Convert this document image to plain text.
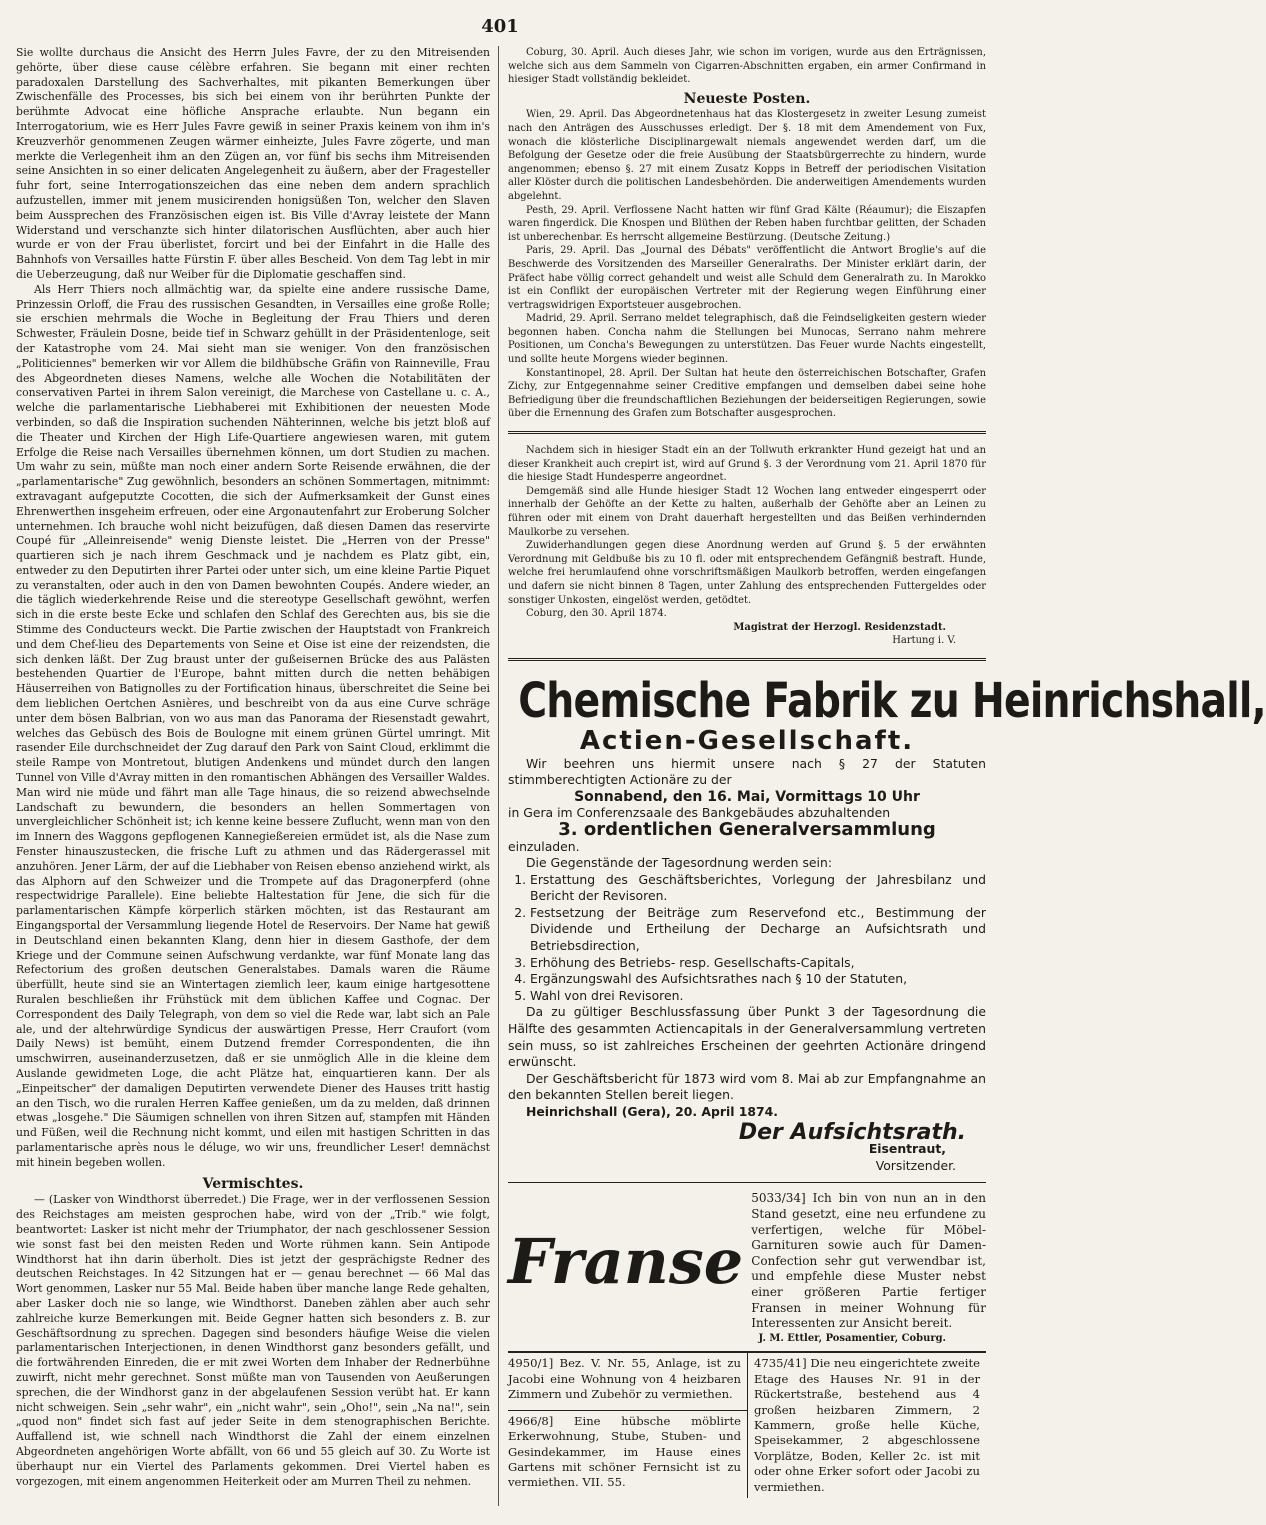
401

Sie wollte durchaus die Ansicht des Herrn Jules Favre, der zu den Mitreisenden gehörte, über diese cause célèbre erfahren. Sie begann mit einer rechten paradoxalen Darstellung des Sachverhaltes, mit pikanten Bemerkungen über Zwischenfälle des Processes, bis sich bei einem von ihr berührten Punkte der berühmte Advocat eine höfliche Ansprache erlaubte. Nun begann ein Interrogatorium, wie es Herr Jules Favre gewiß in seiner Praxis keinem von ihm in's Kreuzverhör genommenen Zeugen wärmer einheizte, Jules Favre zögerte, und man merkte die Verlegenheit ihm an den Zügen an, vor fünf bis sechs ihm Mitreisenden seine Ansichten in so einer delicaten Angelegenheit zu äußern, aber der Fragesteller fuhr fort, seine Interrogationszeichen das eine neben dem andern sprachlich aufzustellen, immer mit jenem musicirenden honigsüßen Ton, welcher den Slaven beim Aussprechen des Französischen eigen ist. Bis Ville d'Avray leistete der Mann Widerstand und verschanzte sich hinter dilatorischen Ausflüchten, aber auch hier wurde er von der Frau überlistet, forcirt und bei der Einfahrt in die Halle des Bahnhofs von Versailles hatte Fürstin F. über alles Bescheid. Von dem Tag lebt in mir die Ueberzeugung, daß nur Weiber für die Diplomatie geschaffen sind.

Als Herr Thiers noch allmächtig war, da spielte eine andere russische Dame, Prinzessin Orloff, die Frau des russischen Gesandten, in Versailles eine große Rolle; sie erschien mehrmals die Woche in Begleitung der Frau Thiers und deren Schwester, Fräulein Dosne, beide tief in Schwarz gehüllt in der Präsidentenloge, seit der Katastrophe vom 24. Mai sieht man sie weniger. Von den französischen „Politiciennes" bemerken wir vor Allem die bildhübsche Gräfin von Rainneville, Frau des Abgeordneten dieses Namens, welche alle Wochen die Notabilitäten der conservativen Partei in ihrem Salon vereinigt, die Marchese von Castellane u. c. A., welche die parlamentarische Liebhaberei mit Exhibitionen der neuesten Mode verbinden, so daß die Inspiration suchenden Nähterinnen, welche bis jetzt bloß auf die Theater und Kirchen der High Life-Quartiere angewiesen waren, mit gutem Erfolge die Reise nach Versailles übernehmen können, um dort Studien zu machen. Um wahr zu sein, müßte man noch einer andern Sorte Reisende erwähnen, die der „parlamentarische" Zug gewöhnlich, besonders an schönen Sommertagen, mitnimmt: extravagant aufgeputzte Cocotten, die sich der Aufmerksamkeit der Gunst eines Ehrenwerthen insgeheim erfreuen, oder eine Argonautenfahrt zur Eroberung Solcher unternehmen. Ich brauche wohl nicht beizufügen, daß diesen Damen das reservirte Coupé für „Alleinreisende" wenig Dienste leistet. Die „Herren von der Presse" quartieren sich je nach ihrem Geschmack und je nachdem es Platz gibt, ein, entweder zu den Deputirten ihrer Partei oder unter sich, um eine kleine Partie Piquet zu veranstalten, oder auch in den von Damen bewohnten Coupés. Andere wieder, an die täglich wiederkehrende Reise und die stereotype Gesellschaft gewöhnt, werfen sich in die erste beste Ecke und schlafen den Schlaf des Gerechten aus, bis sie die Stimme des Conducteurs weckt. Die Partie zwischen der Hauptstadt von Frankreich und dem Chef-lieu des Departements von Seine et Oise ist eine der reizendsten, die sich denken läßt. Der Zug braust unter der gußeisernen Brücke des aus Palästen bestehenden Quartier de l'Europe, bahnt mitten durch die netten behäbigen Häuserreihen von Batignolles zu der Fortification hinaus, überschreitet die Seine bei dem lieblichen Oertchen Asnières, und beschreibt von da aus eine Curve schräge unter dem bösen Balbrian, von wo aus man das Panorama der Riesenstadt gewahrt, welches das Gebüsch des Bois de Boulogne mit einem grünen Gürtel umringt. Mit rasender Eile durchschneidet der Zug darauf den Park von Saint Cloud, erklimmt die steile Rampe von Montretout, blutigen Andenkens und mündet durch den langen Tunnel von Ville d'Avray mitten in den romantischen Abhängen des Versailler Waldes. Man wird nie müde und fährt man alle Tage hinaus, die so reizend abwechselnde Landschaft zu bewundern, die besonders an hellen Sommertagen von unvergleichlicher Schönheit ist; ich kenne keine bessere Zuflucht, wenn man von den im Innern des Waggons gepflogenen Kannegießereien ermüdet ist, als die Nase zum Fenster hinauszustecken, die frische Luft zu athmen und das Rädergerassel mit anzuhören. Jener Lärm, der auf die Liebhaber von Reisen ebenso anziehend wirkt, als das Alphorn auf den Schweizer und die Trompete auf das Dragonerpferd (ohne respectwidrige Parallele). Eine beliebte Haltestation für Jene, die sich für die parlamentarischen Kämpfe körperlich stärken möchten, ist das Restaurant am Eingangsportal der Versammlung liegende Hotel de Reservoirs. Der Name hat gewiß in Deutschland einen bekannten Klang, denn hier in diesem Gasthofe, der dem Kriege und der Commune seinen Aufschwung verdankte, war fünf Monate lang das Refectorium des großen deutschen Generalstabes. Damals waren die Räume überfüllt, heute sind sie an Wintertagen ziemlich leer, kaum einige hartgesottene Ruralen beschließen ihr Frühstück mit dem üblichen Kaffee und Cognac. Der Correspondent des Daily Telegraph, von dem so viel die Rede war, labt sich an Pale ale, und der altehrwürdige Syndicus der auswärtigen Presse, Herr Craufort (vom Daily News) ist bemüht, einem Dutzend fremder Correspondenten, die ihn umschwirren, auseinanderzusetzen, daß er sie unmöglich Alle in die kleine dem Auslande gewidmeten Loge, die acht Plätze hat, einquartieren kann. Der als „Einpeitscher" der damaligen Deputirten verwendete Diener des Hauses tritt hastig an den Tisch, wo die ruralen Herren Kaffee genießen, um da zu melden, daß drinnen etwas „losgehe." Die Säumigen schnellen von ihren Sitzen auf, stampfen mit Händen und Füßen, weil die Rechnung nicht kommt, und eilen mit hastigen Schritten in das parlamentarische après nous le déluge, wo wir uns, freundlicher Leser! demnächst mit hinein begeben wollen.

Vermischtes.

— (Lasker von Windthorst überredet.) Die Frage, wer in der verflossenen Session des Reichstages am meisten gesprochen habe, wird von der „Trib." wie folgt, beantwortet: Lasker ist nicht mehr der Triumphator, der nach geschlossener Session wie sonst fast bei den meisten Reden und Worte rühmen kann. Sein Antipode Windthorst hat ihn darin überholt. Dies ist jetzt der gesprächigste Redner des deutschen Reichstages. In 42 Sitzungen hat er — genau berechnet — 66 Mal das Wort genommen, Lasker nur 55 Mal. Beide haben über manche lange Rede gehalten, aber Lasker doch nie so lange, wie Windthorst. Daneben zählen aber auch sehr zahlreiche kurze Bemerkungen mit. Beide Gegner hatten sich besonders z. B. zur Geschäftsordnung zu sprechen. Dagegen sind besonders häufige Weise die vielen parlamentarischen Interjectionen, in denen Windthorst ganz besonders gefällt, und die fortwährenden Einreden, die er mit zwei Worten dem Inhaber der Rednerbühne zuwirft, nicht mehr gerechnet. Sonst müßte man von Tausenden von Aeußerungen sprechen, die der Windhorst ganz in der abgelaufenen Session verübt hat. Er kann nicht schweigen. Sein „sehr wahr", ein „nicht wahr", sein „Oho!", sein „Na na!", sein „quod non" findet sich fast auf jeder Seite in dem stenographischen Berichte. Auffallend ist, wie schnell nach Windthorst die Zahl der einem einzelnen Abgeordneten angehörigen Worte abfällt, von 66 und 55 gleich auf 30. Zu Worte ist überhaupt nur ein Viertel des Parlaments gekommen. Drei Viertel haben es vorgezogen, mit einem angenommen Heiterkeit oder am Murren Theil zu nehmen.

Coburg, 30. April. Auch dieses Jahr, wie schon im vorigen, wurde aus den Erträgnissen, welche sich aus dem Sammeln von Cigarren-Abschnitten ergaben, ein armer Confirmand in hiesiger Stadt vollständig bekleidet.

Neueste Posten.

Wien, 29. April. Das Abgeordnetenhaus hat das Klostergesetz in zweiter Lesung zumeist nach den Anträgen des Ausschusses erledigt. Der §. 18 mit dem Amendement von Fux, wonach die klösterliche Disciplinargewalt niemals angewendet werden darf, um die Befolgung der Gesetze oder die freie Ausübung der Staatsbürgerrechte zu hindern, wurde angenommen; ebenso §. 27 mit einem Zusatz Kopps in Betreff der periodischen Visitation aller Klöster durch die politischen Landesbehörden. Die anderweitigen Amendements wurden abgelehnt.

Pesth, 29. April. Verflossene Nacht hatten wir fünf Grad Kälte (Réaumur); die Eiszapfen waren fingerdick. Die Knospen und Blüthen der Reben haben furchtbar gelitten, der Schaden ist unberechenbar. Es herrscht allgemeine Bestürzung. (Deutsche Zeitung.)

Paris, 29. April. Das „Journal des Débats" veröffentlicht die Antwort Broglie's auf die Beschwerde des Vorsitzenden des Marseiller Generalraths. Der Minister erklärt darin, der Präfect habe völlig correct gehandelt und weist alle Schuld dem Generalrath zu. In Marokko ist ein Conflikt der europäischen Vertreter mit der Regierung wegen Einführung einer vertragswidrigen Exportsteuer ausgebrochen.

Madrid, 29. April. Serrano meldet telegraphisch, daß die Feindseligkeiten gestern wieder begonnen haben. Concha nahm die Stellungen bei Munocas, Serrano nahm mehrere Positionen, um Concha's Bewegungen zu unterstützen. Das Feuer wurde Nachts eingestellt, und sollte heute Morgens wieder beginnen.

Konstantinopel, 28. April. Der Sultan hat heute den österreichischen Botschafter, Grafen Zichy, zur Entgegennahme seiner Creditive empfangen und demselben dabei seine hohe Befriedigung über die freundschaftlichen Beziehungen der beiderseitigen Regierungen, sowie über die Ernennung des Grafen zum Botschafter ausgesprochen.

Nachdem sich in hiesiger Stadt ein an der Tollwuth erkrankter Hund gezeigt hat und an dieser Krankheit auch crepirt ist, wird auf Grund §. 3 der Verordnung vom 21. April 1870 für die hiesige Stadt Hundesperre angeordnet.

Demgemäß sind alle Hunde hiesiger Stadt 12 Wochen lang entweder eingesperrt oder innerhalb der Gehöfte an der Kette zu halten, außerhalb der Gehöfte aber an Leinen zu führen oder mit einem von Draht dauerhaft hergestellten und das Beißen verhindernden Maulkorbe zu versehen.

Zuwiderhandlungen gegen diese Anordnung werden auf Grund §. 5 der erwähnten Verordnung mit Geldbuße bis zu 10 fl. oder mit entsprechendem Gefängniß bestraft. Hunde, welche frei herumlaufend ohne vorschriftsmäßigen Maulkorb betroffen, werden eingefangen und dafern sie nicht binnen 8 Tagen, unter Zahlung des entsprechenden Futtergeldes oder sonstiger Unkosten, eingelöst werden, getödtet.

Coburg, den 30. April 1874.

Magistrat der Herzogl. Residenzstadt.
Hartung i. V.
Chemische Fabrik zu Heinrichshall,
Actien-Gesellschaft.

Wir beehren uns hiermit unsere nach § 27 der Statuten stimmberechtigten Actionäre zu der

Sonnabend, den 16. Mai, Vormittags 10 Uhr
in Gera im Conferenzsaale des Bankgebäudes abzuhaltenden
3. ordentlichen Generalversammlung
einzuladen.

Die Gegenstände der Tagesordnung werden sein:

1. Erstattung des Geschäftsberichtes, Vorlegung der Jahresbilanz und Bericht der Revisoren.
2. Festsetzung der Beiträge zum Reservefond etc., Bestimmung der Dividende und Ertheilung der Decharge an Aufsichtsrath und Betriebsdirection,
3. Erhöhung des Betriebs- resp. Gesellschafts-Capitals,
4. Ergänzungswahl des Aufsichtsrathes nach § 10 der Statuten,
5. Wahl von drei Revisoren.

Da zu gültiger Beschlussfassung über Punkt 3 der Tagesordnung die Hälfte des gesammten Actiencapitals in der Generalversammlung vertreten sein muss, so ist zahlreiches Erscheinen der geehrten Actionäre dringend erwünscht.

Der Geschäftsbericht für 1873 wird vom 8. Mai ab zur Empfangnahme an den bekannten Stellen bereit liegen.

Heinrichshall (Gera), 20. April 1874.
Der Aufsichtsrath.
Eisentraut,
Vorsitzender.
Franse
5033/34] Ich bin von nun an in den Stand gesetzt, eine neu erfundene zu verfertigen, welche für Möbel-Garnituren sowie auch für Damen-Confection sehr gut verwendbar ist, und empfehle diese Muster nebst einer größeren Partie fertiger Fransen in meiner Wohnung für Interessenten zur Ansicht bereit.
J. M. Ettler, Posamentier, Coburg.
4950/1] Bez. V. Nr. 55, Anlage, ist zu Jacobi eine Wohnung von 4 heizbaren Zimmern und Zubehör zu vermiethen.
4735/41] Die neu eingerichtete zweite Etage des Hauses Nr. 91 in der Rückertstraße, bestehend aus 4 großen heizbaren Zimmern, 2 Kammern, große helle Küche, Speisekammer, 2 abgeschlossene Vorplätze, Boden, Keller 2c. ist mit oder ohne Erker sofort oder Jacobi zu vermiethen.
4966/8] Eine hübsche möblirte Erkerwohnung, Stube, Stuben- und Gesindekammer, im Hause eines Gartens mit schöner Fernsicht ist zu vermiethen. VII. 55.
